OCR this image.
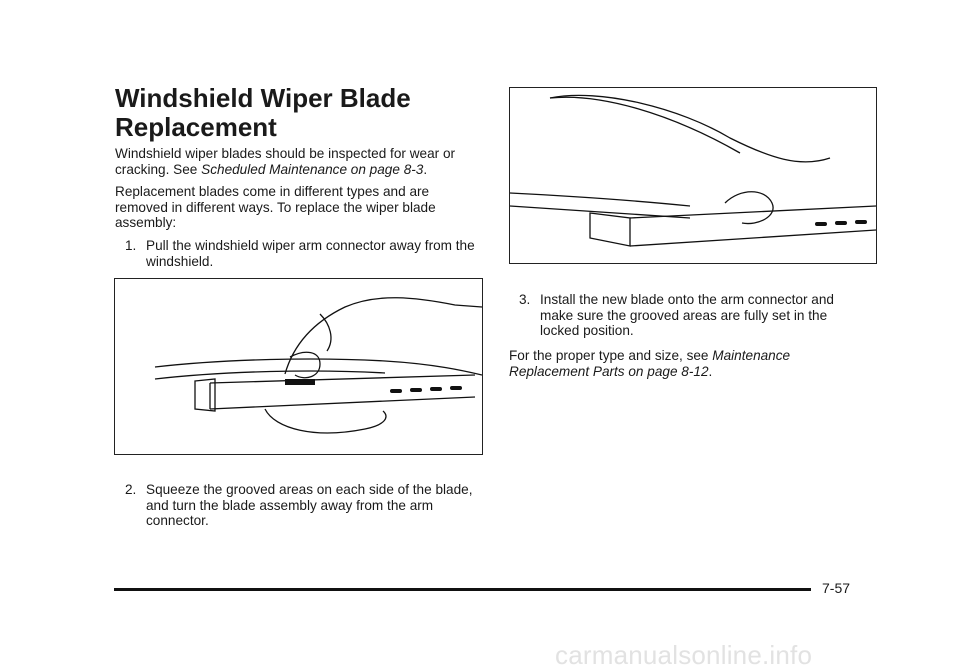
Windshield Wiper Blade Replacement

Windshield wiper blades should be inspected for wear or cracking. See Scheduled Maintenance on page 8-3.

Replacement blades come in different types and are removed in different ways. To replace the wiper blade assembly:

1. Pull the windshield wiper arm connector away from the windshield.
2. Squeeze the grooved areas on each side of the blade, and turn the blade assembly away from the arm connector.
3. Install the new blade onto the arm connector and make sure the grooved areas are fully set in the locked position.

For the proper type and size, see Maintenance Replacement Parts on page 8-12.

7-57
carmanualsonline.info
